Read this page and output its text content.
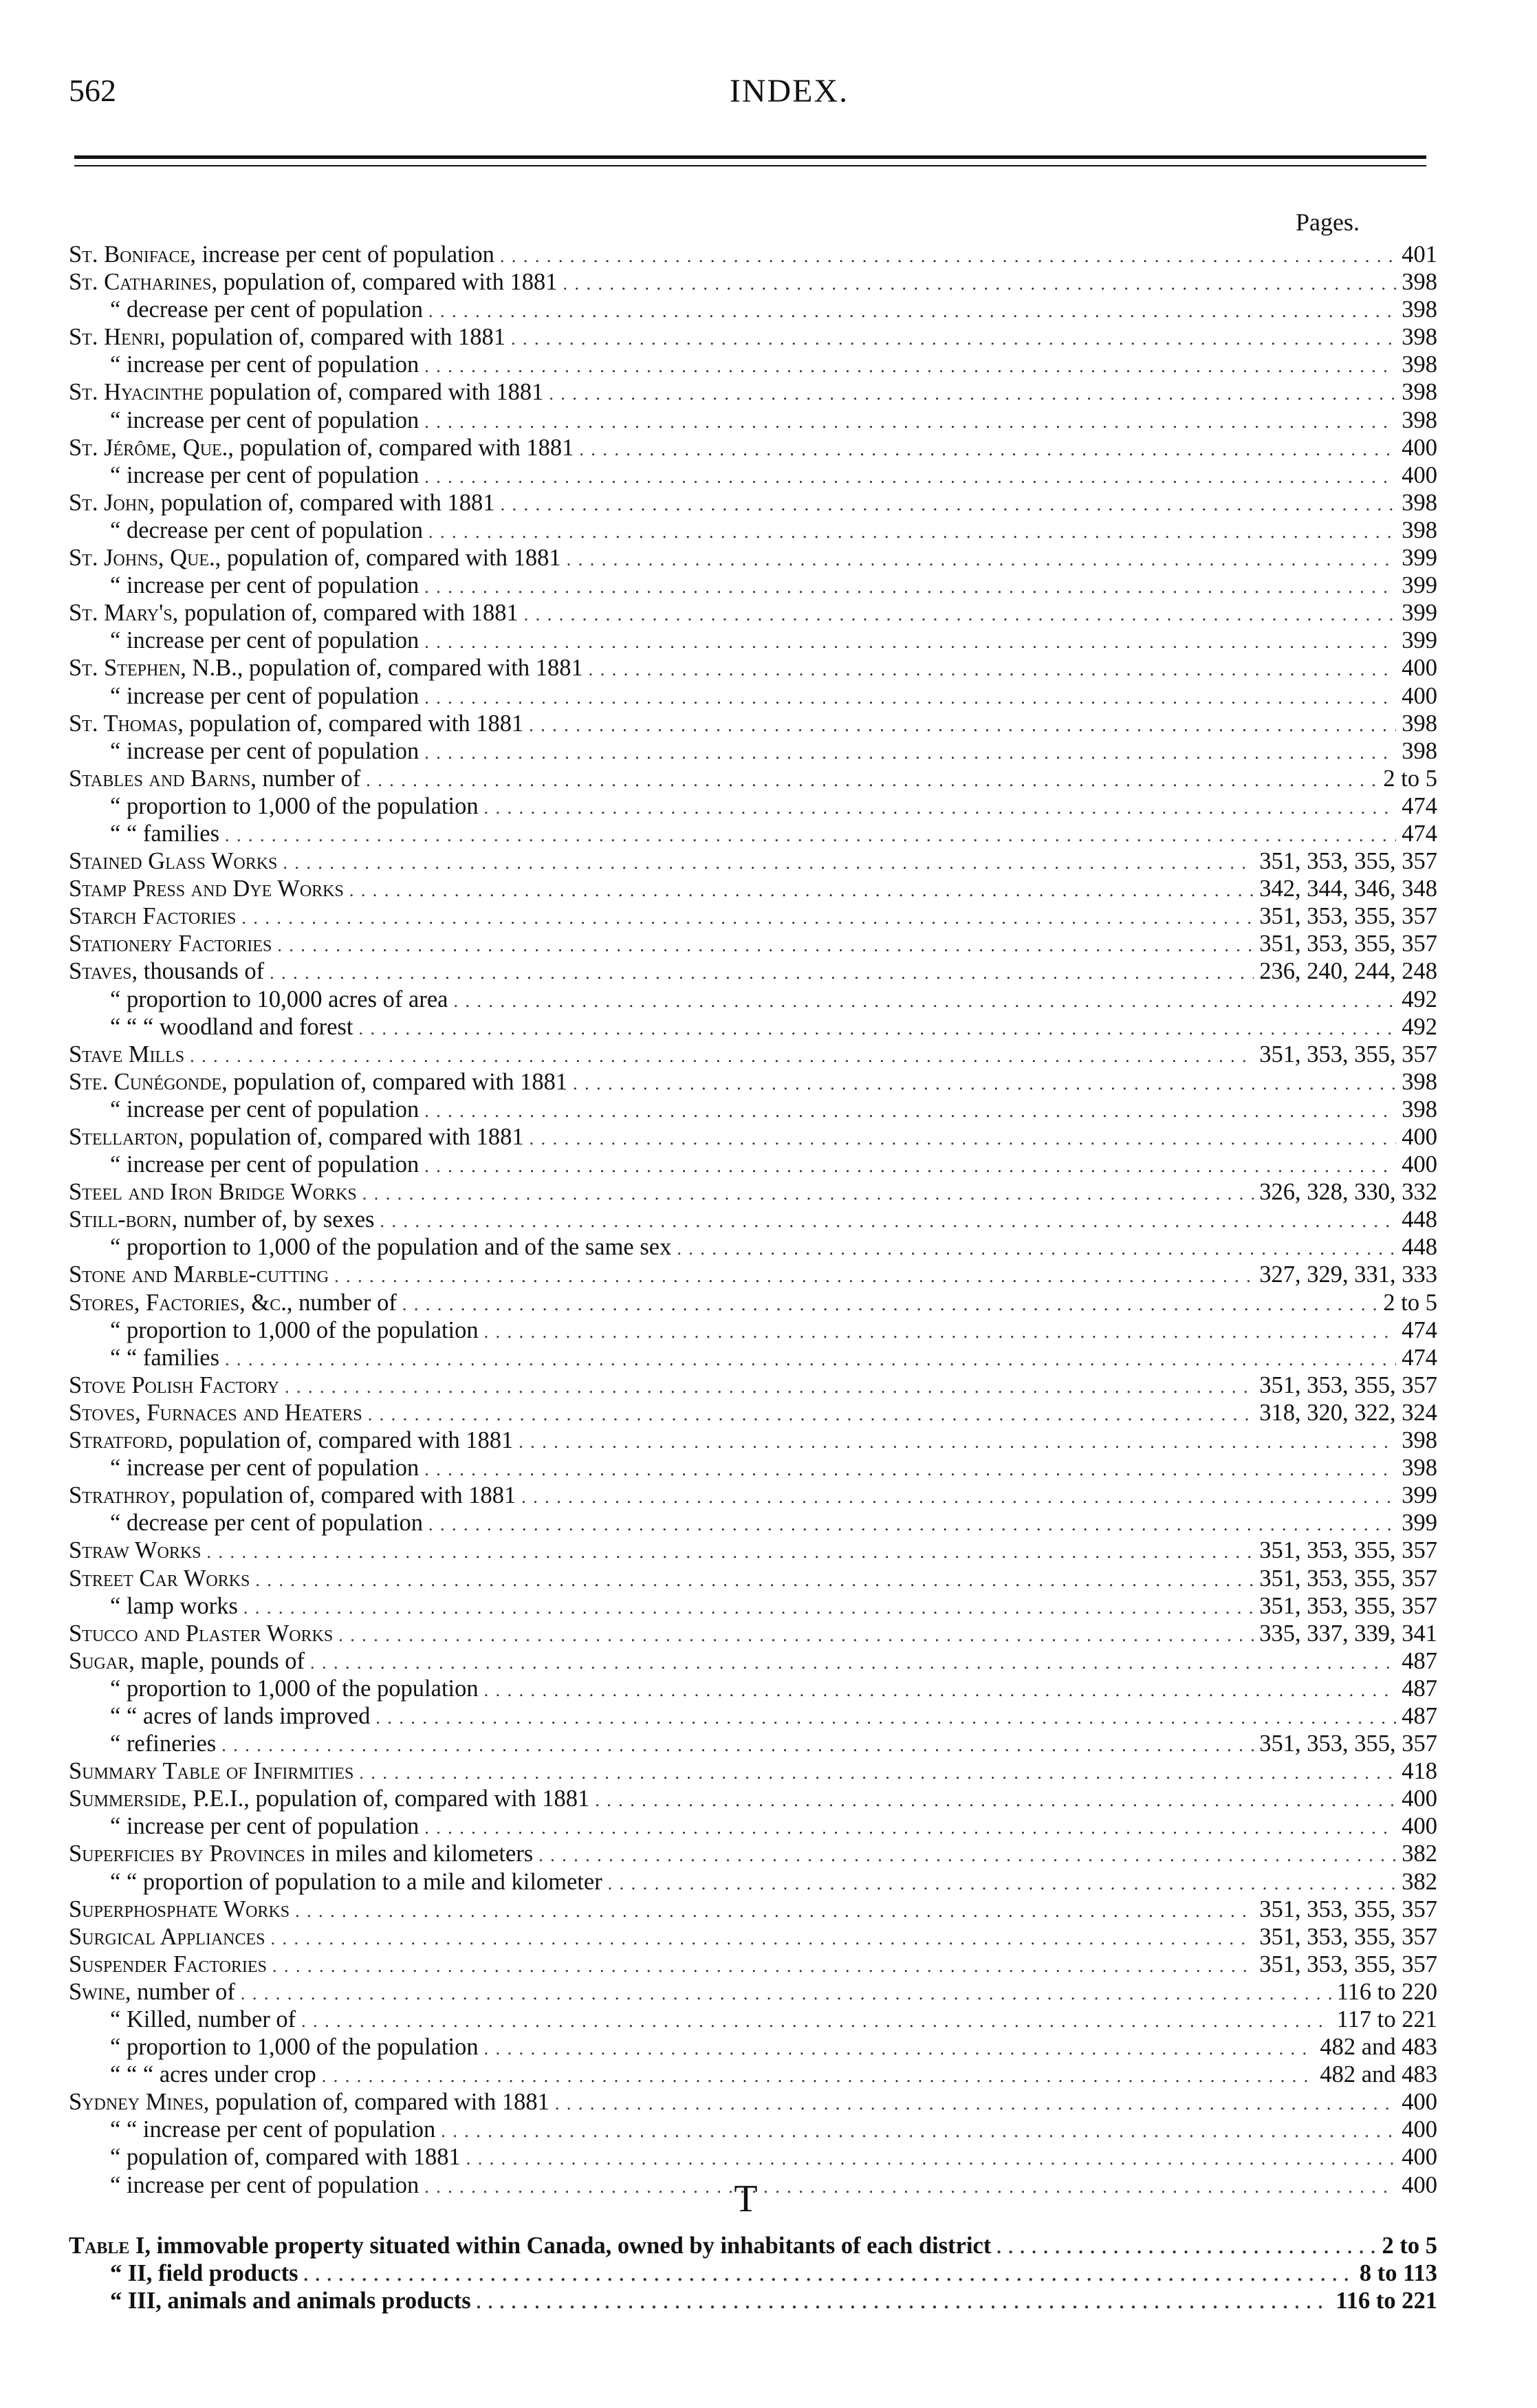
562	INDEX.
Pages.
St. Boniface, increase per cent of population . . .	401
St. Catharines, population of, compared with 1881 . . .	398
“ decrease per cent of population . . .	398
St. Henri, population of, compared with 1881 . . .	398
“ increase per cent of population . . .	398
St. Hyacinthe population of, compared with 1881 . . .	398
“ increase per cent of population . . .	398
St. Jérôme, Que., population of, compared with 1881 . . .	400
“ increase per cent of population . . .	400
St. John, population of, compared with 1881 . . .	398
“ decrease per cent of population . . .	398
St. Johns, Que., population of, compared with 1881 . . .	399
“ increase per cent of population . . .	399
St. Mary's, population of, compared with 1881 . . .	399
“ increase per cent of population . . .	399
St. Stephen, N.B., population of, compared with 1881 . . .	400
“ increase per cent of population . . .	400
St. Thomas, population of, compared with 1881 . . .	398
“ increase per cent of population . . .	398
Stables and Barns, number of . . .	2 to 5
“ proportion to 1,000 of the population . . .	474
“ “ families . . .	474
Stained Glass Works . . .	351, 353, 355, 357
Stamp Press and Dye Works . . .	342, 344, 346, 348
Starch Factories . . .	351, 353, 355, 357
Stationery Factories . . .	351, 353, 355, 357
Staves, thousands of . . .	236, 240, 244, 248
“ proportion to 10,000 acres of area . . .	492
“ “ “ woodland and forest . . .	492
Stave Mills . . .	351, 353, 355, 357
Ste. Cunégonde, population of, compared with 1881 . . .	398
“ increase per cent of population . . .	398
Stellarton, population of, compared with 1881 . . .	400
“ increase per cent of population . . .	400
Steel and Iron Bridge Works . . .	326, 328, 330, 332
Still-born, number of, by sexes . . .	448
“ proportion to 1,000 of the population and of the same sex . . .	448
Stone and Marble-cutting . . .	327, 329, 331, 333
Stores, Factories, &c., number of . . .	2 to 5
“ proportion to 1,000 of the population . . .	474
“ “ families . . .	474
Stove Polish Factory . . .	351, 353, 355, 357
Stoves, Furnaces and Heaters . . .	318, 320, 322, 324
Stratford, population of, compared with 1881 . . .	398
“ increase per cent of population . . .	398
Strathroy, population of, compared with 1881 . . .	399
“ decrease per cent of population . . .	399
Straw Works . . .	351, 353, 355, 357
Street Car Works . . .	351, 353, 355, 357
“ lamp works . . .	351, 353, 355, 357
Stucco and Plaster Works . . .	335, 337, 339, 341
Sugar, maple, pounds of . . .	487
“ proportion to 1,000 of the population . . .	487
“ “ acres of lands improved . . .	487
“ refineries . . .	351, 353, 355, 357
Summary Table of Infirmities . . .	418
Summerside, P.E.I., population of, compared with 1881 . . .	400
“ increase per cent of population . . .	400
Superficies by Provinces in miles and kilometers . . .	382
“ “ proportion of population to a mile and kilometer . . .	382
Superphosphate Works . . .	351, 353, 355, 357
Surgical Appliances . . .	351, 353, 355, 357
Suspender Factories . . .	351, 353, 355, 357
Swine, number of . . .	116 to 220
“ Killed, number of . . .	117 to 221
“ proportion to 1,000 of the population . . .	482 and 483
“ “ “ acres under crop . . .	482 and 483
Sydney Mines, population of, compared with 1881 . . .	400
“ “ increase per cent of population . . .	400
“ population of, compared with 1881 . . .	400
“ increase per cent of population . . .	400
T
Table I, immovable property situated within Canada, owned by inhabitants of each district . . .	2 to 5
“ II, field products . . .	8 to 113
“ III, animals and animals products . . .	116 to 221
